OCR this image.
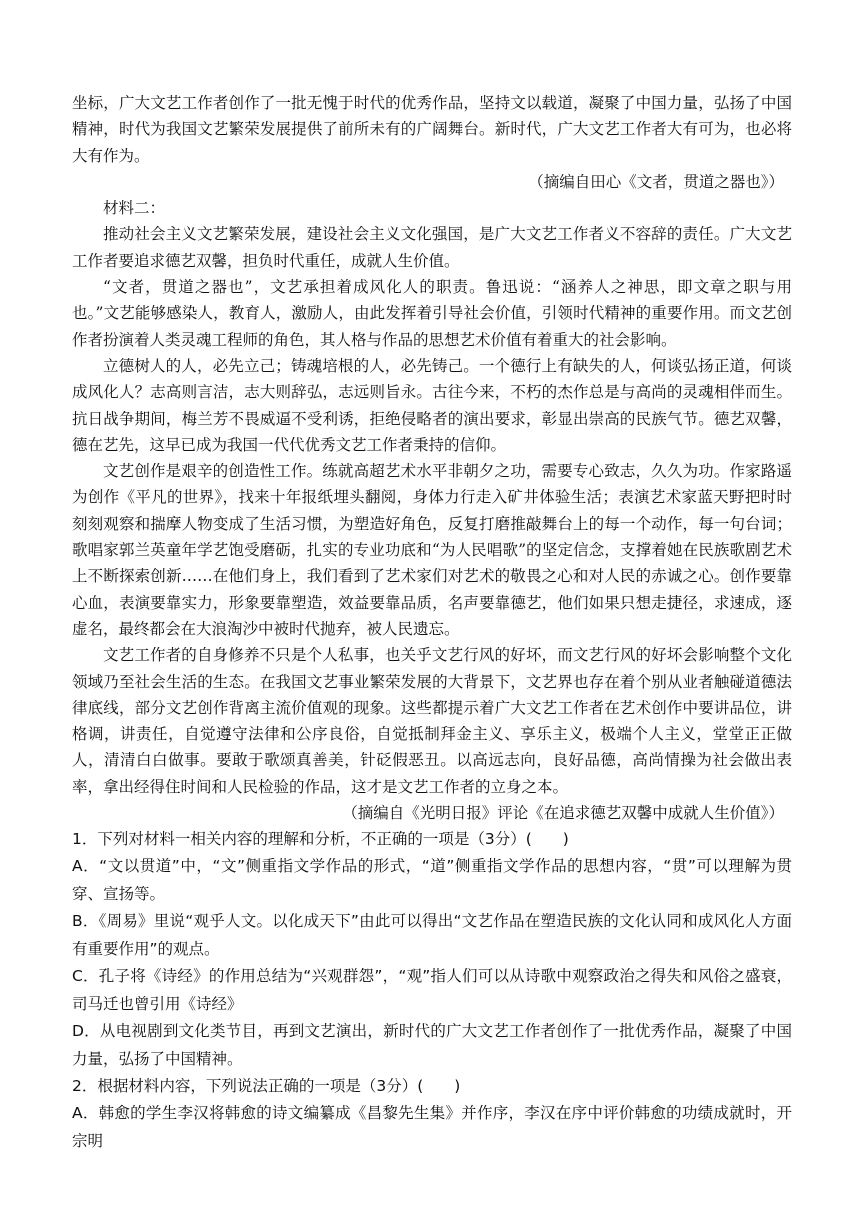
坐标，广大文艺工作者创作了一批无愧于时代的优秀作品，坚持文以载道，凝聚了中国力量，弘扬了中国精神，时代为我国文艺繁荣发展提供了前所未有的广阔舞台。新时代，广大文艺工作者大有可为，也必将大有作为。

（摘编自田心《文者，贯道之器也》）

材料二：

推动社会主义文艺繁荣发展，建设社会主义文化强国，是广大文艺工作者义不容辞的责任。广大文艺工作者要追求德艺双馨，担负时代重任，成就人生价值。

“文者，贯道之器也”，文艺承担着成风化人的职责。鲁迅说：“涵养人之神思，即文章之职与用也。”文艺能够感染人，教育人，激励人，由此发挥着引导社会价值，引领时代精神的重要作用。而文艺创作者扮演着人类灵魂工程师的角色，其人格与作品的思想艺术价值有着重大的社会影响。

立德树人的人，必先立己；铸魂培根的人，必先铸己。一个德行上有缺失的人，何谈弘扬正道，何谈成风化人？志高则言洁，志大则辞弘，志远则旨永。古往今来，不朽的杰作总是与高尚的灵魂相伴而生。抗日战争期间，梅兰芳不畏威逼不受利诱，拒绝侵略者的演出要求，彰显出崇高的民族气节。德艺双馨，德在艺先，这早已成为我国一代代优秀文艺工作者秉持的信仰。

文艺创作是艰辛的创造性工作。练就高超艺术水平非朝夕之功，需要专心致志，久久为功。作家路遥为创作《平凡的世界》，找来十年报纸埋头翻阅，身体力行走入矿井体验生活；表演艺术家蓝天野把时时刻刻观察和揣摩人物变成了生活习惯，为塑造好角色，反复打磨推敲舞台上的每一个动作，每一句台词；歌唱家郭兰英童年学艺饱受磨砺，扎实的专业功底和“为人民唱歌”的坚定信念，支撑着她在民族歌剧艺术上不断探索创新……在他们身上，我们看到了艺术家们对艺术的敬畏之心和对人民的赤诚之心。创作要靠心血，表演要靠实力，形象要靠塑造，效益要靠品质，名声要靠德艺，他们如果只想走捷径，求速成，逐虚名，最终都会在大浪淘沙中被时代抛弃，被人民遗忘。

文艺工作者的自身修养不只是个人私事，也关乎文艺行风的好坏，而文艺行风的好坏会影响整个文化领域乃至社会生活的生态。在我国文艺事业繁荣发展的大背景下，文艺界也存在着个别从业者触碰道德法律底线，部分文艺创作背离主流价值观的现象。这些都提示着广大文艺工作者在艺术创作中要讲品位，讲格调，讲责任，自觉遵守法律和公序良俗，自觉抵制拜金主义、享乐主义，极端个人主义，堂堂正正做人，清清白白做事。要敢于歌颂真善美，针砭假恶丑。以高远志向，良好品德，高尚情操为社会做出表率，拿出经得住时间和人民检验的作品，这才是文艺工作者的立身之本。

（摘编自《光明日报》评论《在追求德艺双馨中成就人生价值》）

1．下列对材料一相关内容的理解和分析，不正确的一项是（3分）(　　)

A．“文以贯道”中，“文”侧重指文学作品的形式，“道”侧重指文学作品的思想内容，“贯”可以理解为贯穿、宣扬等。

B．《周易》里说“观乎人文。以化成天下”由此可以得出“文艺作品在塑造民族的文化认同和成风化人方面有重要作用”的观点。

C．孔子将《诗经》的作用总结为“兴观群怨”，“观”指人们可以从诗歌中观察政治之得失和风俗之盛衰，司马迁也曾引用《诗经》

D．从电视剧到文化类节目，再到文艺演出，新时代的广大文艺工作者创作了一批优秀作品，凝聚了中国力量，弘扬了中国精神。

2．根据材料内容，下列说法正确的一项是（3分）(　　)

A．韩愈的学生李汉将韩愈的诗文编纂成《昌黎先生集》并作序，李汉在序中评价韩愈的功绩成就时，开宗明
